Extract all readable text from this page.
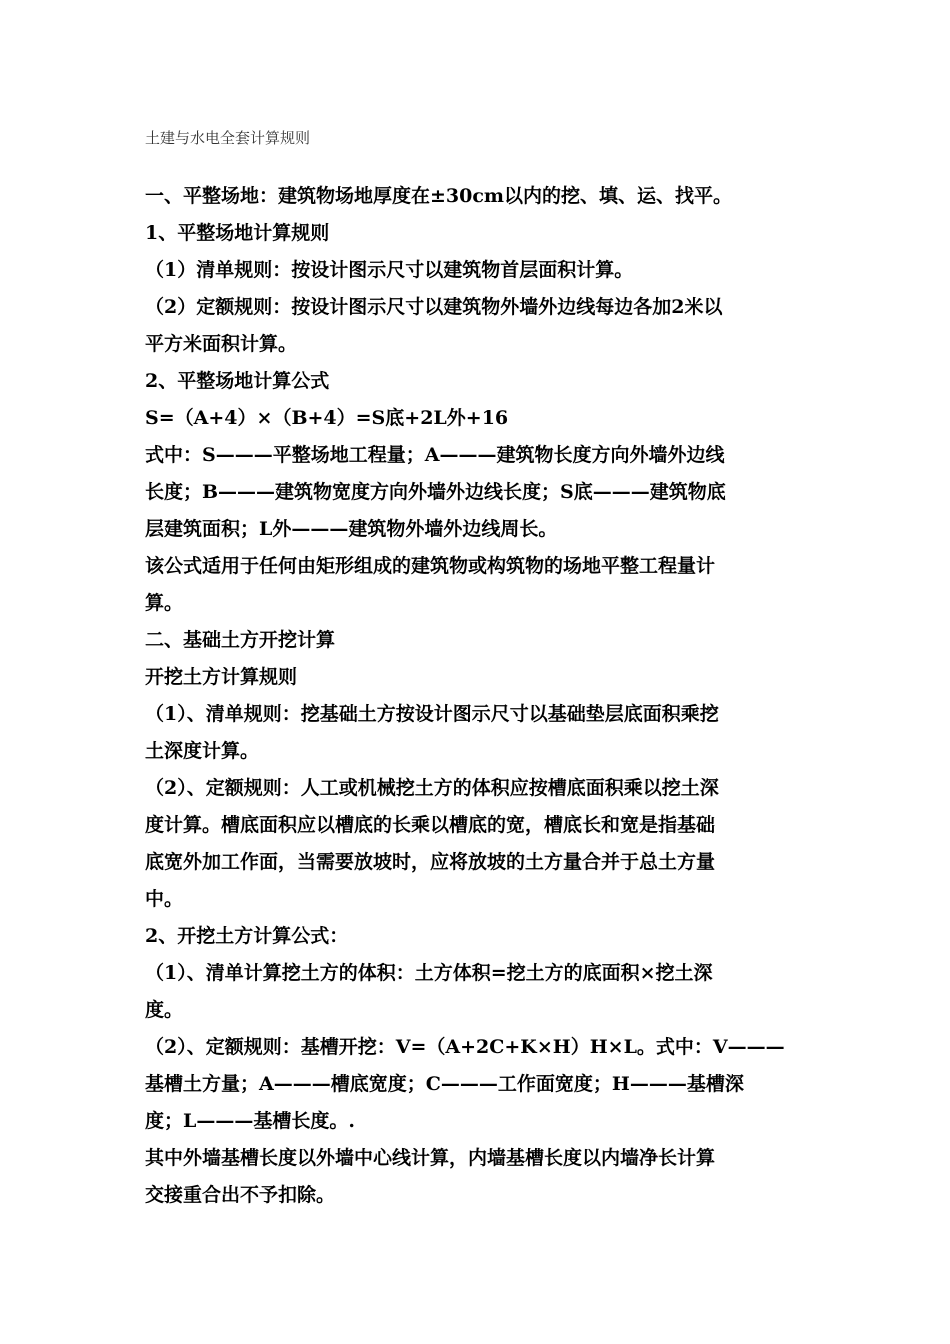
土建与水电全套计算规则
一、平整场地：建筑物场地厚度在±30cm以内的挖、填、运、找平。
1、平整场地计算规则
（1）清单规则：按设计图示尺寸以建筑物首层面积计算。
（2）定额规则：按设计图示尺寸以建筑物外墙外边线每边各加2米以
平方米面积计算。
2、平整场地计算公式
S=（A+4）×（B+4）=S底+2L外+16
式中：S———平整场地工程量；A———建筑物长度方向外墙外边线
长度；B———建筑物宽度方向外墙外边线长度；S底———建筑物底
层建筑面积；L外———建筑物外墙外边线周长。
该公式适用于任何由矩形组成的建筑物或构筑物的场地平整工程量计
算。
二、基础土方开挖计算
开挖土方计算规则
（1）、清单规则：挖基础土方按设计图示尺寸以基础垫层底面积乘挖
土深度计算。
（2）、定额规则：人工或机械挖土方的体积应按槽底面积乘以挖土深
度计算。槽底面积应以槽底的长乘以槽底的宽，槽底长和宽是指基础
底宽外加工作面，当需要放坡时，应将放坡的土方量合并于总土方量
中。
2、开挖土方计算公式：
（1）、清单计算挖土方的体积：土方体积=挖土方的底面积×挖土深
度。
（2）、定额规则：基槽开挖：V=（A+2C+K×H）H×L。式中：V———
基槽土方量；A———槽底宽度；C———工作面宽度；H———基槽深
度；L———基槽长度。.
其中外墙基槽长度以外墙中心线计算，内墙基槽长度以内墙净长计算
交接重合出不予扣除。
